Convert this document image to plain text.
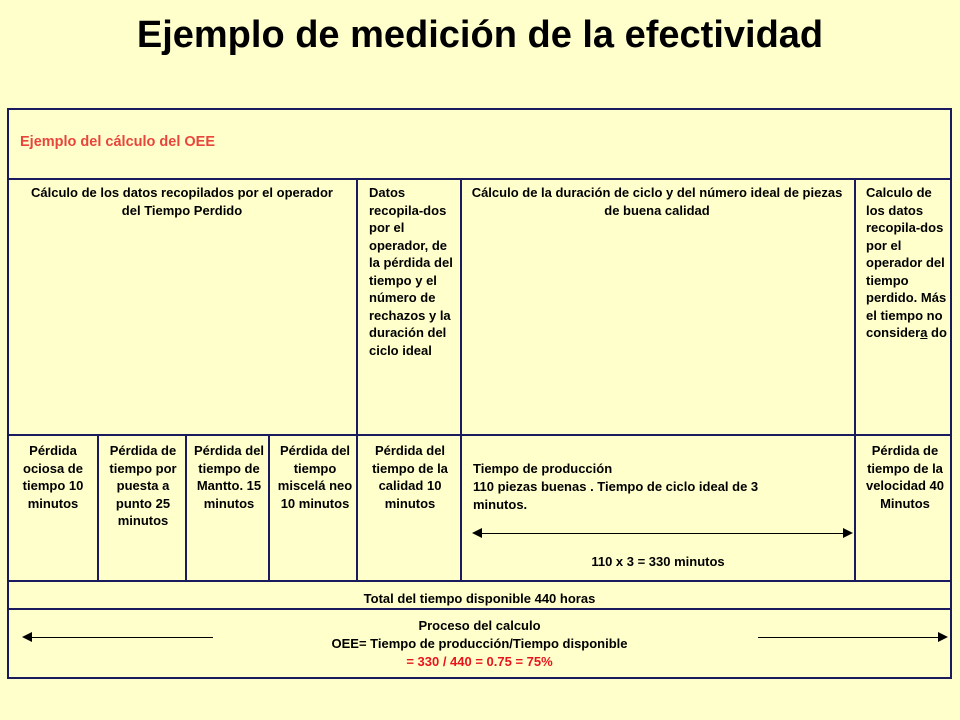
Ejemplo de medición de la efectividad
Ejemplo del cálculo del OEE
Cálculo de los datos recopilados por el operador del Tiempo Perdido
Datos recopila-dos por el operador, de la pérdida del tiempo y el número de rechazos y la duración del ciclo ideal
Cálculo de la duración de ciclo y del número ideal de piezas de buena calidad
Calculo de los datos recopila-dos por el operador del tiempo perdido. Más el tiempo no considera do
Pérdida ociosa de tiempo 10 minutos
Pérdida de tiempo por puesta a punto 25 minutos
Pérdida del tiempo de Mantto. 15 minutos
Pérdida del tiempo miscelá neo 10 minutos
Pérdida del tiempo de la calidad 10 minutos
Tiempo de producción
110 piezas buenas . Tiempo de ciclo ideal de 3 minutos.
110 x 3 = 330 minutos
Pérdida de tiempo de la velocidad 40 Minutos
Total del tiempo disponible 440 horas
Proceso del calculo
OEE= Tiempo de producción/Tiempo disponible
= 330 / 440 = 0.75 = 75%
